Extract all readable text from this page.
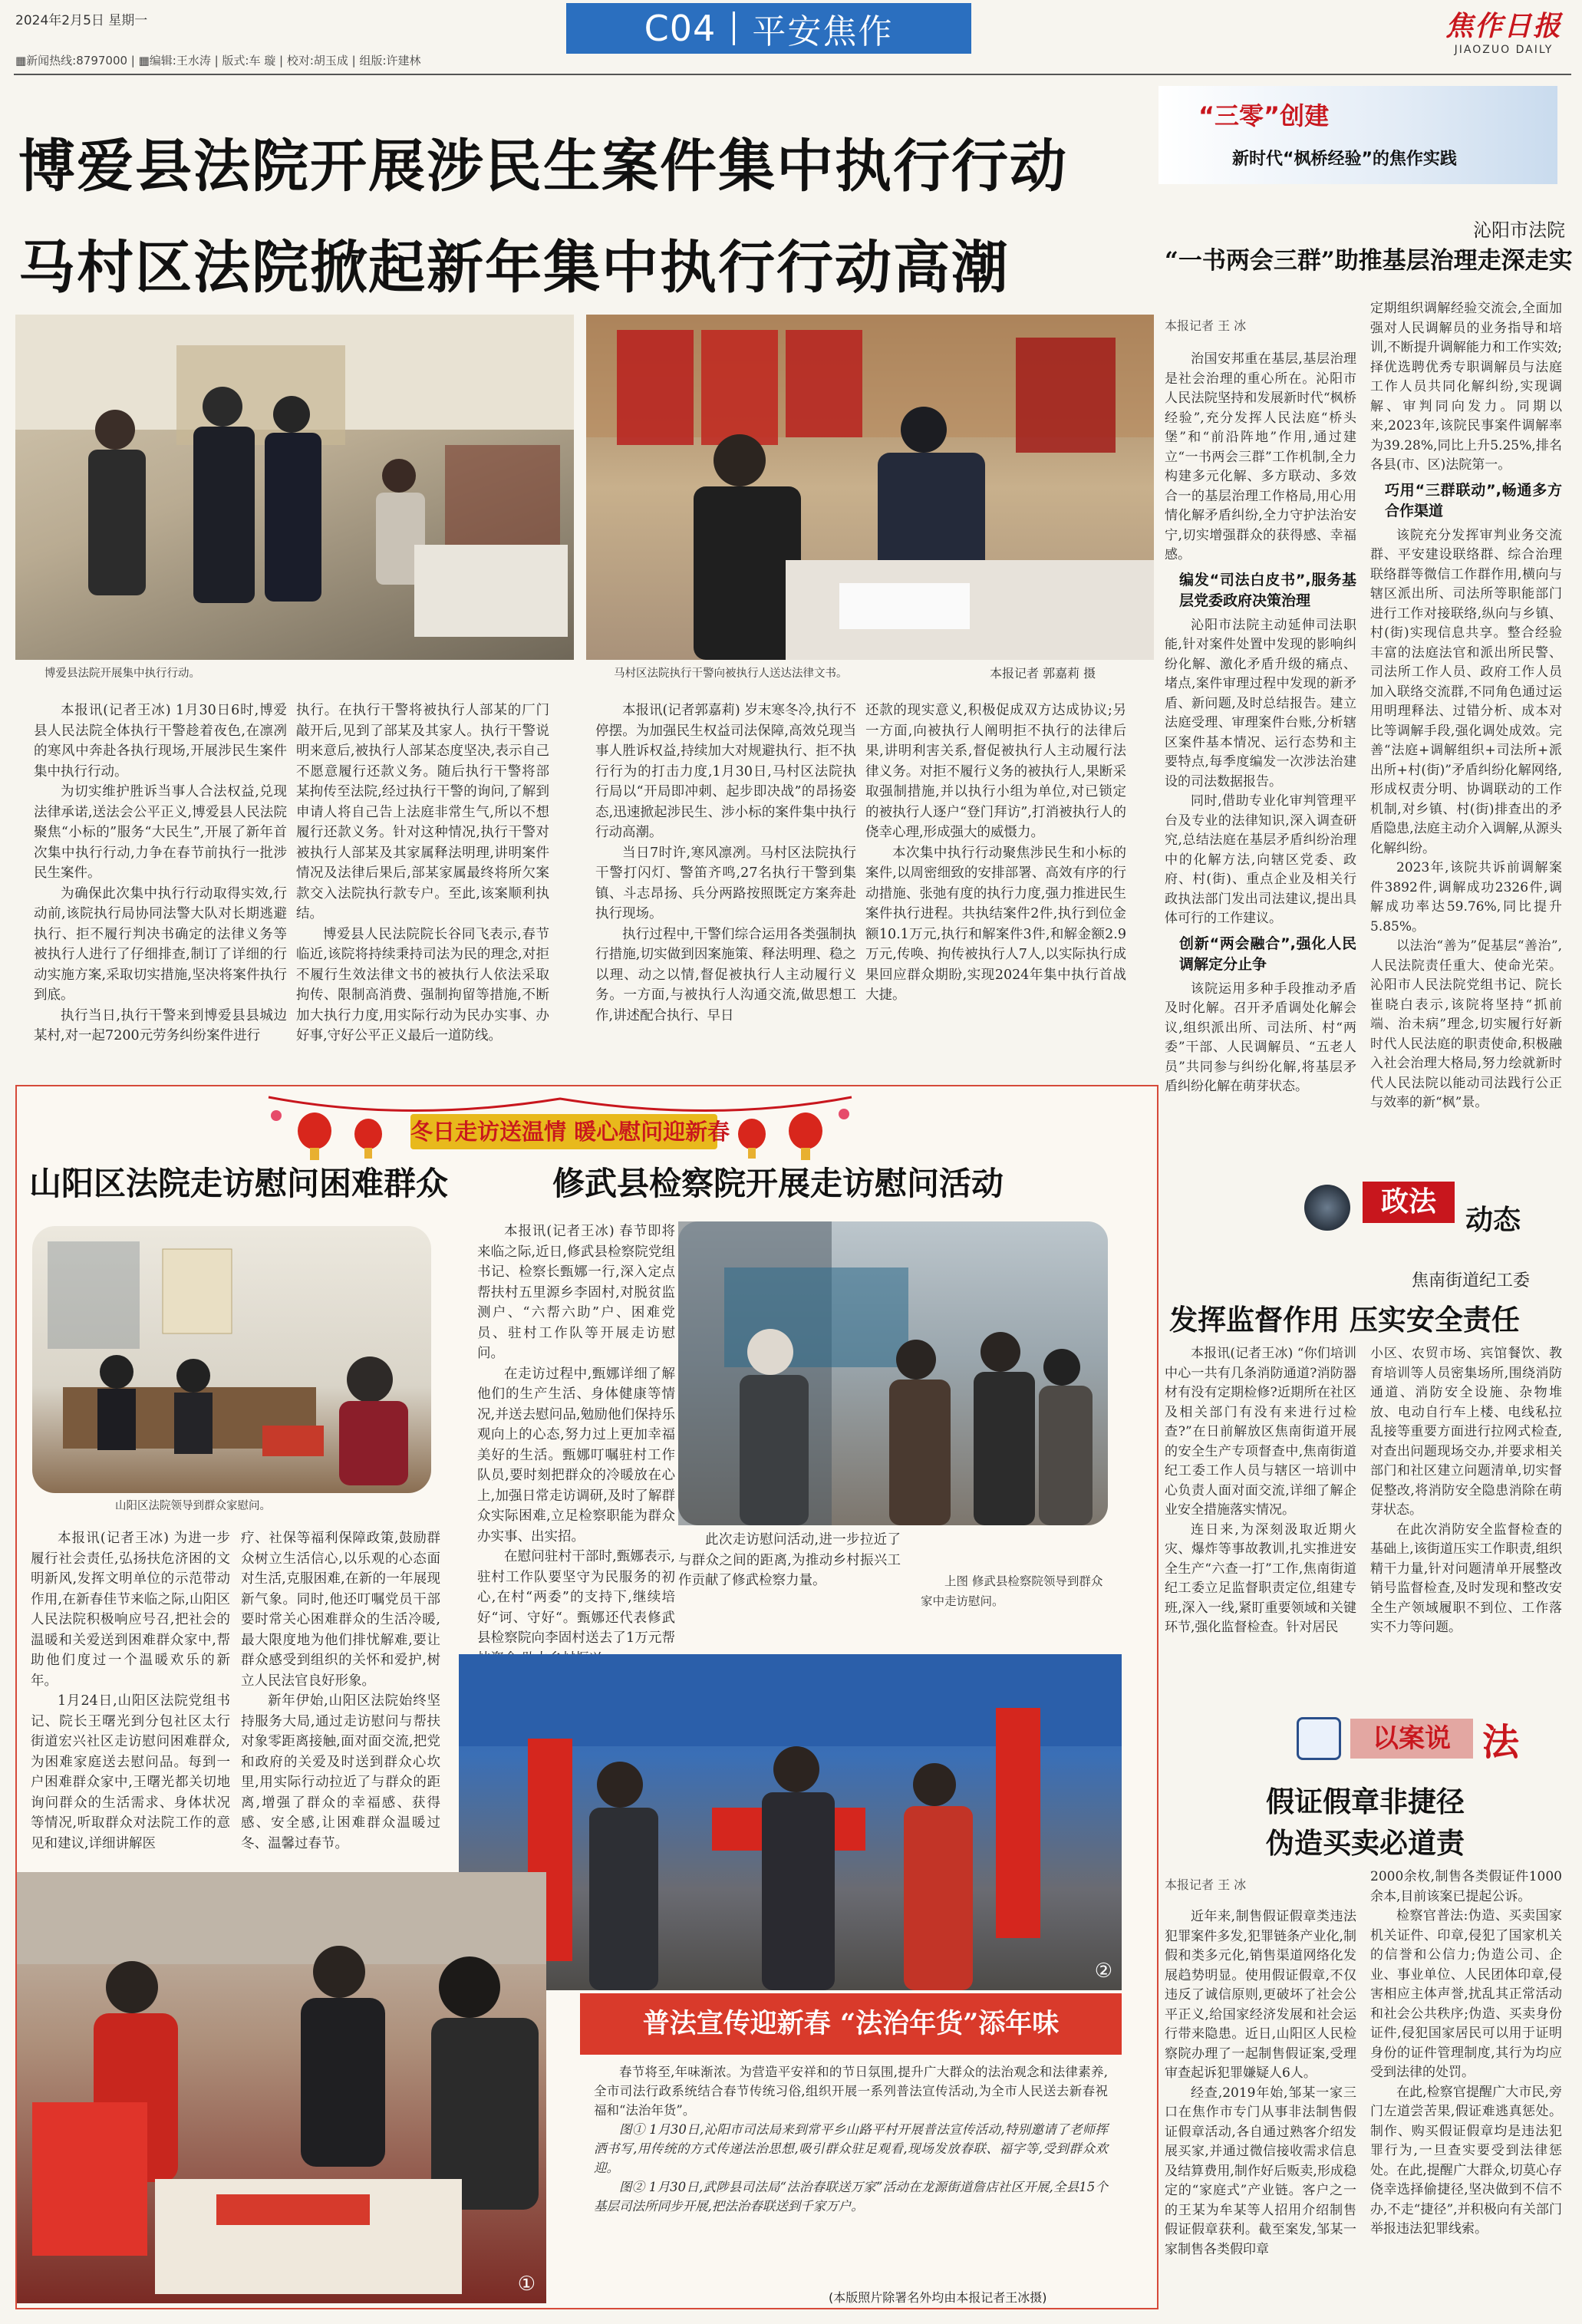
2024年2月5日 星期一
▦新闻热线:8797000 | ▦编辑:王水涛 | 版式:车 璇 | 校对:胡玉成 | 组版:许建林
C04 平安焦作	焦作日报
JIAOZUO DAILY
博爱县法院开展涉民生案件集中执行行动
马村区法院掀起新年集中执行行动高潮
博爱县法院开展集中执行行动。	马村区法院执行干警向被执行人送达法律文书。	本报记者 郭嘉莉 摄

本报讯(记者王冰) 1月30日6时,博爱县人民法院全体执行干警趁着夜色,在凛冽的寒风中奔赴各执行现场,开展涉民生案件集中执行行动。

为切实维护胜诉当事人合法权益,兑现法律承诺,送法会公平正义,博爱县人民法院聚焦“小标的”服务“大民生”,开展了新年首次集中执行行动,力争在春节前执行一批涉民生案件。

为确保此次集中执行行动取得实效,行动前,该院执行局协同法警大队对长期逃避执行、拒不履行判决书确定的法律义务等被执行人进行了仔细排查,制订了详细的行动实施方案,采取切实措施,坚决将案件执行到底。

执行当日,执行干警来到博爱县县城边某村,对一起7200元劳务纠纷案件进行

执行。在执行干警将被执行人部某的厂门敲开后,见到了部某及其家人。执行干警说明来意后,被执行人部某态度坚决,表示自己不愿意履行还款义务。随后执行干警将部某拘传至法院,经过执行干警的询问,了解到申请人将自己告上法庭非常生气,所以不想履行还款义务。针对这种情况,执行干警对被执行人部某及其家属释法明理,讲明案件情况及法律后果后,部某家属最终将所欠案款交入法院执行款专户。至此,该案顺利执结。

博爱县人民法院院长谷同飞表示,春节临近,该院将持续秉持司法为民的理念,对拒不履行生效法律文书的被执行人依法采取拘传、限制高消费、强制拘留等措施,不断加大执行力度,用实际行动为民办实事、办好事,守好公平正义最后一道防线。

本报讯(记者郭嘉莉) 岁末寒冬冷,执行不停摆。为加强民生权益司法保障,高效兑现当事人胜诉权益,持续加大对规避执行、拒不执行行为的打击力度,1月30日,马村区法院执行局以“开局即冲刺、起步即决战”的昂扬姿态,迅速掀起涉民生、涉小标的案件集中执行行动高潮。

当日7时许,寒风凛冽。马村区法院执行干警打闪灯、警笛齐鸣,27名执行干警到集镇、斗志昂扬、兵分两路按照既定方案奔赴执行现场。

执行过程中,干警们综合运用各类强制执行措施,切实做到因案施策、释法明理、稳之以理、动之以情,督促被执行人主动履行义务。一方面,与被执行人沟通交流,做思想工作,讲述配合执行、早日

还款的现实意义,积极促成双方达成协议;另一方面,向被执行人阐明拒不执行的法律后果,讲明利害关系,督促被执行人主动履行法律义务。对拒不履行义务的被执行人,果断采取强制措施,并以执行小组为单位,对已锁定的被执行人逐户“登门拜访”,打消被执行人的侥幸心理,形成强大的威慑力。

本次集中执行行动聚焦涉民生和小标的案件,以周密细致的安排部署、高效有序的行动措施、张弛有度的执行力度,强力推进民生案件执行进程。共执结案件2件,执行到位金额10.1万元,执行和解案件3件,和解金额2.9万元,传唤、拘传被执行人7人,以实际执行成果回应群众期盼,实现2024年集中执行首战大捷。

冬日走访送温情 暖心慰问迎新春
山阳区法院走访慰问困难群众
山阳区法院领导到群众家慰问。

本报讯(记者王冰) 为进一步履行社会责任,弘扬扶危济困的文明新风,发挥文明单位的示范带动作用,在新春佳节来临之际,山阳区人民法院积极响应号召,把社会的温暖和关爱送到困难群众家中,帮助他们度过一个温暖欢乐的新年。

1月24日,山阳区法院党组书记、院长王曙光到分包社区太行街道宏兴社区走访慰问困难群众,为困难家庭送去慰问品。每到一户困难群众家中,王曙光都关切地询问群众的生活需求、身体状况等情况,听取群众对法院工作的意见和建议,详细讲解医

疗、社保等福利保障政策,鼓励群众树立生活信心,以乐观的心态面对生活,克服困难,在新的一年展现新气象。同时,他还叮嘱党员干部要时常关心困难群众的生活冷暖,最大限度地为他们排忧解难,要让群众感受到组织的关怀和爱护,树立人民法官良好形象。

新年伊始,山阳区法院始终坚持服务大局,通过走访慰问与帮扶对象零距离接触,面对面交流,把党和政府的关爱及时送到群众心坎里,用实际行动拉近了与群众的距离,增强了群众的幸福感、获得感、安全感,让困难群众温暖过冬、温馨过春节。

修武县检察院开展走访慰问活动

本报讯(记者王冰) 春节即将来临之际,近日,修武县检察院党组书记、检察长甄娜一行,深入定点帮扶村五里源乡李固村,对脱贫监测户、“六帮六助”户、困难党员、驻村工作队等开展走访慰问。

在走访过程中,甄娜详细了解他们的生产生活、身体健康等情况,并送去慰问品,勉励他们保持乐观向上的心态,努力过上更加幸福美好的生活。甄娜叮嘱驻村工作队员,要时刻把群众的冷暖放在心上,加强日常走访调研,及时了解群众实际困难,立足检察职能为群众办实事、出实招。

在慰问驻村干部时,甄娜表示,驻村工作队要坚守为民服务的初心,在村“两委”的支持下,继续培好“诃、守好“。甄娜还代表修武县检察院向李固村送去了1万元帮

此次走访慰问活动,进一步拉近了与群众之间的距离,为推动乡村振兴工作贡献了修武检察力量。	上图 修武县检察院领导到群众家中走访慰问。
②
①
普法宣传迎新春 “法治年货”添年味

春节将至,年味渐浓。为营造平安祥和的节日氛围,提升广大群众的法治观念和法律素养,全市司法行政系统结合春节传统习俗,组织开展一系列普法宣传活动,为全市人民送去新春祝福和“法治年货”。

图① 1月30日,沁阳市司法局来到常平乡山路平村开展普法宣传活动,特别邀请了老师挥洒书写,用传统的方式传递法治思想,吸引群众驻足观看,现场发放春联、福字等,受到群众欢迎。

图② 1月30日,武陟县司法局“法治春联送万家”活动在龙源街道詹店社区开展,全县15个基层司法所同步开展,把法治春联送到千家万户。

(本版照片除署名外均由本报记者王冰摄)
“三零”创建
新时代“枫桥经验”的焦作实践
沁阳市法院
“一书两会三群”助推基层治理走深走实
本报记者 王 冰

治国安邦重在基层,基层治理是社会治理的重心所在。沁阳市人民法院坚持和发展新时代“枫桥经验”,充分发挥人民法庭“桥头堡”和“前沿阵地”作用,通过建立“一书两会三群”工作机制,全力构建多元化解、多方联动、多效合一的基层治理工作格局,用心用情化解矛盾纠纷,全力守护法治安宁,切实增强群众的获得感、幸福感。

编发“司法白皮书”,服务基层党委政府决策治理

沁阳市法院主动延伸司法职能,针对案件处置中发现的影响纠纷化解、激化矛盾升级的痛点、堵点,案件审理过程中发现的新矛盾、新问题,及时总结报告。建立法庭受理、审理案件台账,分析辖区案件基本情况、运行态势和主要特点,每季度编发一次涉法治建设的司法数据报告。

同时,借助专业化审判管理平台及专业的法律知识,深入调查研究,总结法庭在基层矛盾纠纷治理中的化解方法,向辖区党委、政府、村(街)、重点企业及相关行政执法部门发出司法建议,提出具体可行的工作建议。

创新“两会融合”,强化人民调解定分止争

该院运用多种手段推动矛盾及时化解。召开矛盾调处化解会议,组织派出所、司法所、村“两委”干部、人民调解员、“五老人员”共同参与纠纷化解,将基层矛盾纠纷化解在萌芽状态。

定期组织调解经验交流会,全面加强对人民调解员的业务指导和培训,不断提升调解能力和工作实效;择优选聘优秀专职调解员与法庭工作人员共同化解纠纷,实现调解、审判同向发力。同期以来,2023年,该院民事案件调解率为39.28%,同比上升5.25%,排名各县(市、区)法院第一。

巧用“三群联动”,畅通多方合作渠道

该院充分发挥审判业务交流群、平安建设联络群、综合治理联络群等微信工作群作用,横向与辖区派出所、司法所等职能部门进行工作对接联络,纵向与乡镇、村(街)实现信息共享。整合经验丰富的法庭法官和派出所民警、司法所工作人员、政府工作人员加入联络交流群,不同角色通过运用明理释法、过错分析、成本对比等调解手段,强化调处成效。完善“法庭+调解组织+司法所+派出所+村(街)”矛盾纠纷化解网络,形成权责分明、协调联动的工作机制,对乡镇、村(街)排查出的矛盾隐患,法庭主动介入调解,从源头化解纠纷。

2023年,该院共诉前调解案件3892件,调解成功2326件,调解成功率达59.76%,同比提升5.85%。

以法治“善为”促基层“善治”,人民法院责任重大、使命光荣。沁阳市人民法院党组书记、院长崔晓白表示,该院将坚持“抓前端、治未病”理念,切实履行好新时代人民法庭的职责使命,积极融入社会治理大格局,努力绘就新时代人民法院以能动司法践行公正与效率的新“枫”景。

政法
动态
焦南街道纪工委
发挥监督作用 压实安全责任

本报讯(记者王冰) “你们培训中心一共有几条消防通道?消防器材有没有定期检修?近期所在社区及相关部门有没有来进行过检查?”在日前解放区焦南街道开展的安全生产专项督查中,焦南街道纪工委工作人员与辖区一培训中心负责人面对面交流,详细了解企业安全措施落实情况。

连日来,为深刻汲取近期火灾、爆炸等事故教训,扎实推进安全生产“六查一打”工作,焦南街道纪工委立足监督职责定位,组建专班,深入一线,紧盯重要领域和关键环节,强化监督检查。针对居民

小区、农贸市场、宾馆餐饮、教育培训等人员密集场所,围绕消防通道、消防安全设施、杂物堆放、电动自行车上楼、电线私拉乱接等重要方面进行拉网式检查,对查出问题现场交办,并要求相关部门和社区建立问题清单,切实督促整改,将消防安全隐患消除在萌芽状态。

在此次消防安全监督检查的基础上,该街道压实工作职责,组织精干力量,针对问题清单开展整改销号监督检查,及时发现和整改安全生产领域履职不到位、工作落实不力等问题。

以案说 法
假证假章非捷径
伪造买卖必道责
本报记者 王 冰

近年来,制售假证假章类违法犯罪案件多发,犯罪链条产业化,制假和类多元化,销售渠道网络化发展趋势明显。使用假证假章,不仅违反了诚信原则,更破坏了社会公平正义,给国家经济发展和社会运行带来隐患。近日,山阳区人民检察院办理了一起制售假证案,受理审查起诉犯罪嫌疑人6人。

经查,2019年始,邹某一家三口在焦作市专门从事非法制售假证假章活动,各自通过熟客介绍发展买家,并通过微信接收需求信息及结算费用,制作好后贩卖,形成稳定的“家庭式”产业链。客户之一的王某为牟某等人招用介绍制售假证假章获利。截至案发,邹某一家制售各类假印章

2000余枚,制售各类假证件1000余本,目前该案已提起公诉。

检察官普法:伪造、买卖国家机关证件、印章,侵犯了国家机关的信誉和公信力;伪造公司、企业、事业单位、人民团体印章,侵害相应主体声誉,扰乱其正常活动和社会公共秩序;伪造、买卖身份证件,侵犯国家居民可以用于证明身份的证件管理制度,其行为均应受到法律的处罚。

在此,检察官提醒广大市民,旁门左道尝苦果,假证难逃真惩处。制作、购买假证假章均是违法犯罪行为,一旦查实要受到法律惩处。在此,提醒广大群众,切莫心存侥幸选择偷捷径,坚决做到不信不办,不走“捷径”,并积极向有关部门举报违法犯罪线索。
